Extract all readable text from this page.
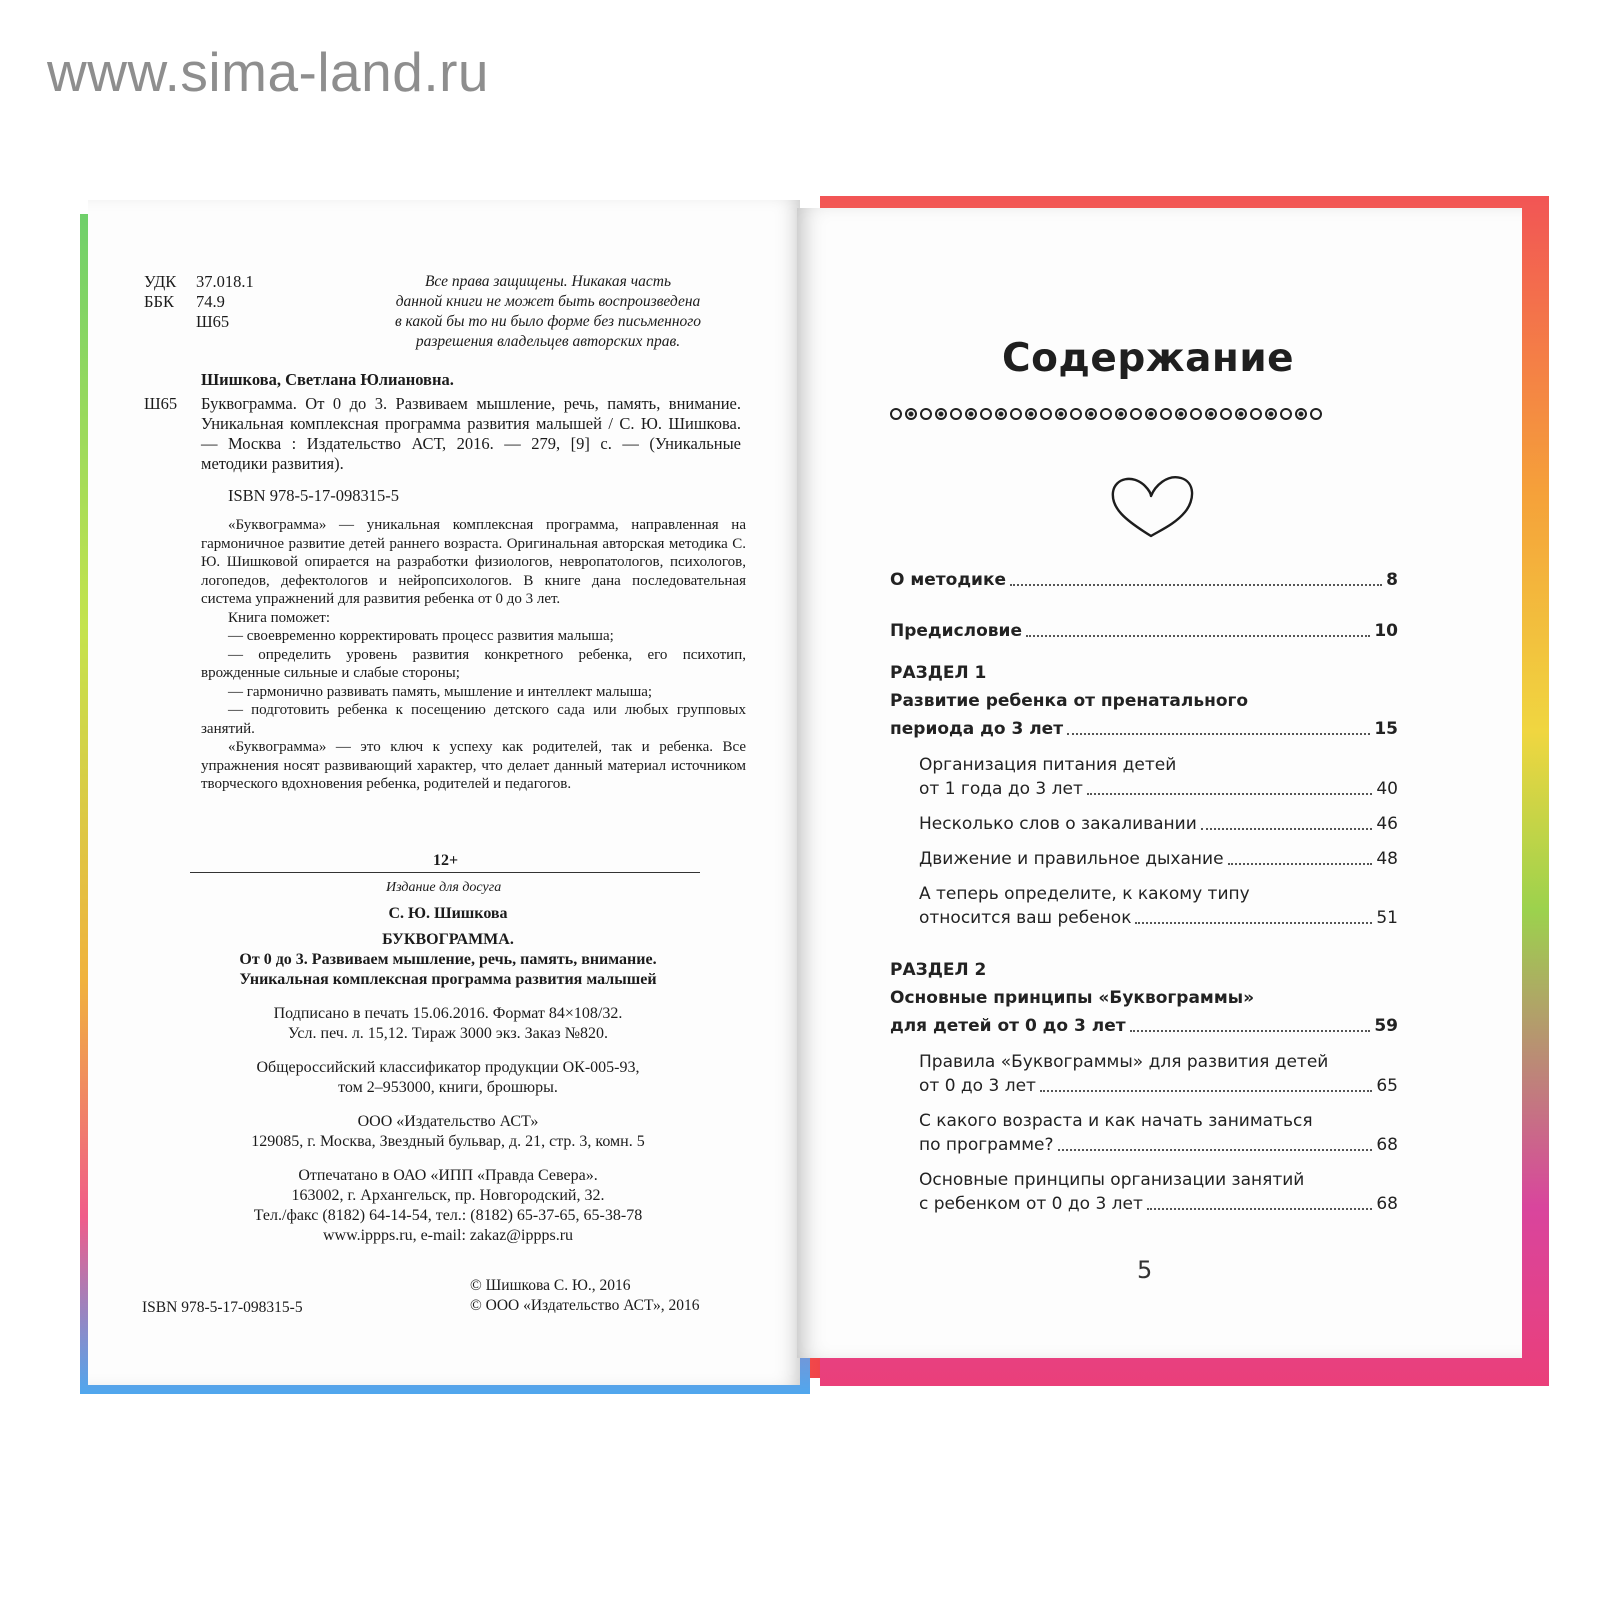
www.sima-land.ru
УДК	37.018.1
ББК	74.9
Ш65
Все права защищены. Никакая часть
данной книги не может быть воспроизведена
в какой бы то ни было форме без письменного
разрешения владельцев авторских прав.
Шишкова, Светлана Юлиановна.
Ш65 Буквограмма. От 0 до 3. Развиваем мышление, речь, память, внимание. Уникальная комплексная программа развития малышей / С. Ю. Шишкова. — Москва : Издательство АСТ, 2016. — 279, [9] с. — (Уникальные методики развития).
ISBN 978-5-17-098315-5

«Буквограмма» — уникальная комплексная программа, направленная на гармоничное развитие детей раннего возраста. Оригинальная авторская методика С. Ю. Шишковой опирается на разработки физиологов, невропатологов, психологов, логопедов, дефектологов и нейропсихологов. В книге дана последовательная система упражнений для развития ребенка от 0 до 3 лет.

Книга поможет:

— своевременно корректировать процесс развития малыша;

— определить уровень развития конкретного ребенка, его психотип, врожденные сильные и слабые стороны;

— гармонично развивать память, мышление и интеллект малыша;

— подготовить ребенка к посещению детского сада или любых групповых занятий.

«Буквограмма» — это ключ к успеху как родителей, так и ребенка. Все упражнения носят развивающий характер, что делает данный материал источником творческого вдохновения ребенка, родителей и педагогов.

12+
Издание для досуга
С. Ю. Шишкова
БУКВОГРАММА.
От 0 до 3. Развиваем мышление, речь, память, внимание.
Уникальная комплексная программа развития малышей
Подписано в печать 15.06.2016. Формат 84×108/32.
Усл. печ. л. 15,12. Тираж 3000 экз. Заказ №820.
Общероссийский классификатор продукции ОК-005-93,
том 2–953000, книги, брошюры.
ООО «Издательство АСТ»
129085, г. Москва, Звездный бульвар, д. 21, стр. 3, комн. 5
Отпечатано в ОАО «ИПП «Правда Севера».
163002, г. Архангельск, пр. Новгородский, 32.
Тел./факс (8182) 64-14-54, тел.: (8182) 65-37-65, 65-38-78
www.ippps.ru, e-mail: zakaz@ippps.ru
© Шишкова С. Ю., 2016
© ООО «Издательство АСТ», 2016
ISBN 978-5-17-098315-5
Содержание
О методике	8
Предисловие	10
РАЗДЕЛ 1
Развитие ребенка от пренатального
периода до 3 лет	15
Организация питания детей
от 1 года до 3 лет	40
Несколько слов о закаливании	46
Движение и правильное дыхание	48
А теперь определите, к какому типу
относится ваш ребенок	51
РАЗДЕЛ 2
Основные принципы «Буквограммы»
для детей от 0 до 3 лет	59
Правила «Буквограммы» для развития детей
от 0 до 3 лет	65
С какого возраста и как начать заниматься
по программе?	68
Основные принципы организации занятий
с ребенком от 0 до 3 лет	68
5
